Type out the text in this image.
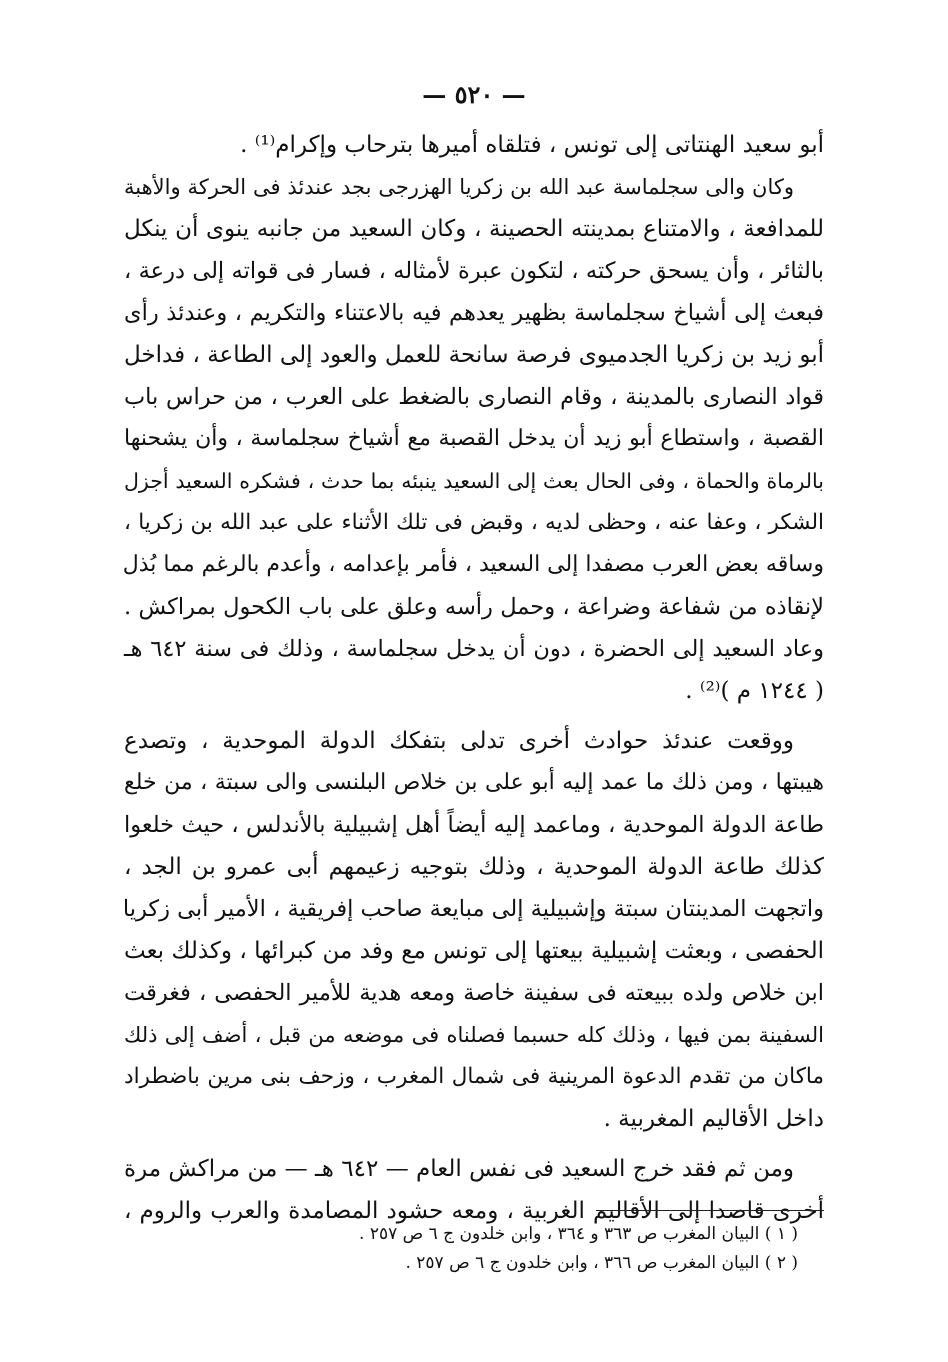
— ٥٢٠ —
أبو سعيد الهنتاتى إلى تونس ، فتلقاه أميرها بترحاب وإكرام⁽¹⁾ .
وكان والى سجلماسة عبد الله بن زكريا الهزرجى بجد عندئذ فى الحركة والأهبة
للمدافعة ، والامتناع بمدينته الحصينة ، وكان السعيد من جانبه ينوى أن ينكل
بالثائر ، وأن يسحق حركته ، لتكون عبرة لأمثاله ، فسار فى قواته إلى درعة ،
فبعث إلى أشياخ سجلماسة بظهير يعدهم فيه بالاعتناء والتكريم ، وعندئذ رأى
أبو زيد بن زكريا الجدميوى فرصة سانحة للعمل والعود إلى الطاعة ، فداخل
قواد النصارى بالمدينة ، وقام النصارى بالضغط على العرب ، من حراس باب
القصبة ، واستطاع أبو زيد أن يدخل القصبة مع أشياخ سجلماسة ، وأن يشحنها
بالرماة والحماة ، وفى الحال بعث إلى السعيد ينبئه بما حدث ، فشكره السعيد أجزل
الشكر ، وعفا عنه ، وحظى لديه ، وقبض فى تلك الأثناء على عبد الله بن زكريا ،
وساقه بعض العرب مصفدا إلى السعيد ، فأمر بإعدامه ، وأعدم بالرغم مما بُذل
لإنقاذه من شفاعة وضراعة ، وحمل رأسه وعلق على باب الكحول بمراكش .
وعاد السعيد إلى الحضرة ، دون أن يدخل سجلماسة ، وذلك فى سنة ٦٤٢ هـ
( ١٢٤٤ م )⁽²⁾ .
ووقعت عندئذ حوادث أخرى تدلى بتفكك الدولة الموحدية ، وتصدع
هيبتها ، ومن ذلك ما عمد إليه أبو على بن خلاص البلنسى والى سبتة ، من خلع
طاعة الدولة الموحدية ، وماعمد إليه أيضاً أهل إشبيلية بالأندلس ، حيث خلعوا
كذلك طاعة الدولة الموحدية ، وذلك بتوجيه زعيمهم أبى عمرو بن الجد ،
واتجهت المدينتان سبتة وإشبيلية إلى مبايعة صاحب إفريقية ، الأمير أبى زكريا
الحفصى ، وبعثت إشبيلية بيعتها إلى تونس مع وفد من كبرائها ، وكذلك بعث
ابن خلاص ولده ببيعته فى سفينة خاصة ومعه هدية للأمير الحفصى ، فغرقت
السفينة بمن فيها ، وذلك كله حسبما فصلناه فى موضعه من قبل ، أضف إلى ذلك
ماكان من تقدم الدعوة المرينية فى شمال المغرب ، وزحف بنى مرين باضطراد
داخل الأقاليم المغربية .
ومن ثم فقد خرج السعيد فى نفس العام — ٦٤٢ هـ — من مراكش مرة
أخرى قاصدا إلى الأقاليم الغربية ، ومعه حشود المصامدة والعرب والروم ،
( ١ ) البيان المغرب ص ٣٦٣ و ٣٦٤ ، وابن خلدون ج ٦ ص ٢٥٧ .
( ٢ ) البيان المغرب ص ٣٦٦ ، وابن خلدون ج ٦ ص ٢٥٧ .
